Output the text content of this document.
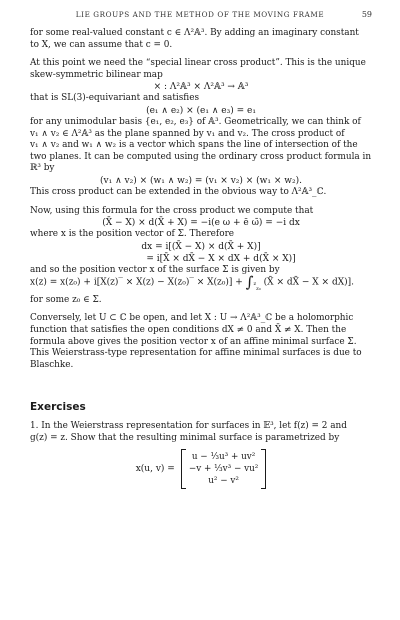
LIE GROUPS AND THE METHOD OF THE MOVING FRAME	59

for some real-valued constant c ∈ Λ²𝔸³. By adding an imaginary constant

to X, we can assume that c = 0.

At this point we need the “special linear cross product”. This is the unique

skew-symmetric bilinear map

× : Λ²𝔸³ × Λ²𝔸³ → 𝔸³

that is SL(3)-equivariant and satisfies

(e₁ ∧ e₂) × (e₁ ∧ e₃) = e₁

for any unimodular basis {e₁, e₂, e₃} of 𝔸³. Geometrically, we can think of

v₁ ∧ v₂ ∈ Λ²𝔸³ as the plane spanned by v₁ and v₂. The cross product of

v₁ ∧ v₂ and w₁ ∧ w₂ is a vector which spans the line of intersection of the

two planes. It can be computed using the ordinary cross product formula in

ℝ³ by

(v₁ ∧ v₂) × (w₁ ∧ w₂) = (v₁ × v₂) × (w₁ × w₂).

This cross product can be extended in the obvious way to Λ²𝔸³_ℂ.

Now, using this formula for the cross product we compute that

(X̄ − X) × d(X̄ + X) = −i(e ω + ē ω̄) = −i dx

where x is the position vector of Σ. Therefore

dx = i[(X̄ − X) × d(X̄ + X)]
= i[X̄ × dX̄ − X × dX + d(X̄ × X)]

and so the position vector x of the surface Σ is given by

x(z) = x(z₀) + i[X(z)‾ × X(z) − X(z₀)‾ × $X(z_0)] + \int_{^z_{z_0}}$ (X̄ × dX̄ − X × dX)].

for some z₀ ∈ Σ.

Conversely, let U ⊂ ℂ be open, and let X : U → Λ²𝔸³_ℂ be a holomorphic

function that satisfies the open conditions dX ≠ 0 and X̄ ≠ X. Then the

formula above gives the position vector x of an affine minimal surface Σ.

This Weierstrass-type representation for affine minimal surfaces is due to

Blaschke.

Exercises

1. In the Weierstrass representation for surfaces in 𝔼³, let f(z) = 2 and

g(z) = z. Show that the resulting minimal surface is parametrized by

x(u, v) =
u − ⅓u³ + uv²
−v + ⅓v³ − vu²
u² − v²
